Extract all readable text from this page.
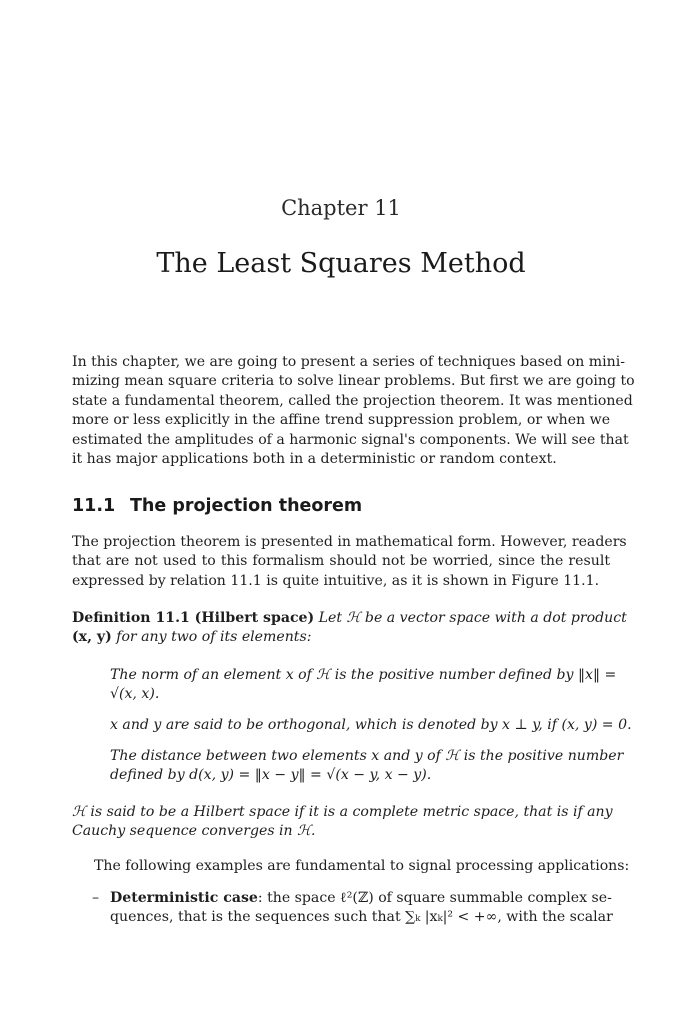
Chapter 11
The Least Squares Method
In this chapter, we are going to present a series of techniques based on mini-
mizing mean square criteria to solve linear problems. But first we are going to
state a fundamental theorem, called the projection theorem. It was mentioned
more or less explicitly in the affine trend suppression problem, or when we
estimated the amplitudes of a harmonic signal's components. We will see that
it has major applications both in a deterministic or random context.
11.1 The projection theorem
The projection theorem is presented in mathematical form. However, readers
that are not used to this formalism should not be worried, since the result
expressed by relation 11.1 is quite intuitive, as it is shown in Figure 11.1.
Definition 11.1 (Hilbert space) Let ℋ be a vector space with a dot product
(x, y) for any two of its elements:
The norm of an element x of ℋ is the positive number defined by ‖x‖ =
√(x, x).
x and y are said to be orthogonal, which is denoted by x ⊥ y, if (x, y) = 0.
The distance between two elements x and y of ℋ is the positive number
defined by d(x, y) = ‖x − y‖ = √(x − y, x − y).
ℋ is said to be a Hilbert space if it is a complete metric space, that is if any
Cauchy sequence converges in ℋ.
The following examples are fundamental to signal processing applications:
– Deterministic case: the space ℓ²(ℤ) of square summable complex se-
quences, that is the sequences such that ∑ₖ |xₖ|² < +∞, with the scalar
